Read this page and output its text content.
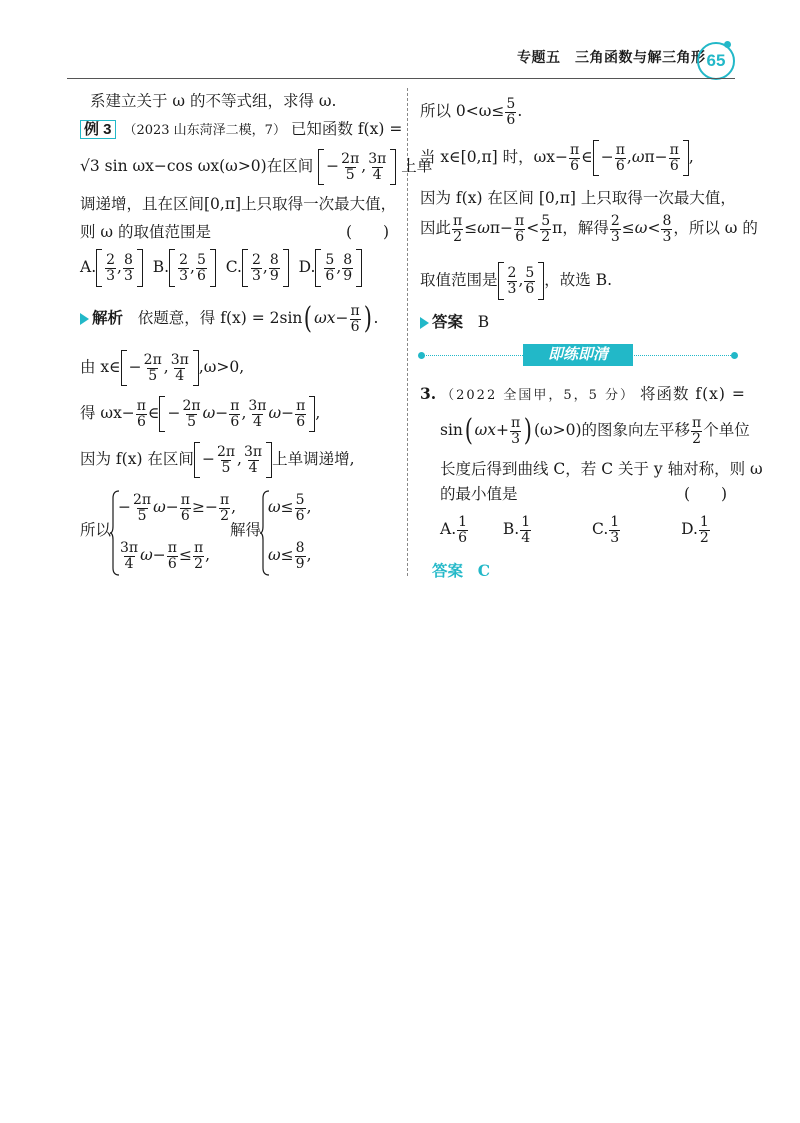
专题五　三角函数与解三角形 65
系建立关于 ω 的不等式组，求得 ω.
例 3 （2023 山东菏泽二模，7） 已知函数 f(x) =
√3 sin ωx−cos ωx(ω>0)在区间 − $\frac{2\pi}{5}$ , $\frac{3\pi}{4}$ 上单
调递增，且在区间[0,π]上只取得一次最大值，
则 ω 的取值范围是	(　　)
A. $\frac{2}{3}$ , $\frac{8}{3} B$. $\frac{2}{3}$ , $\frac{5}{6} C$. $\frac{2}{3}$ , $\frac{8}{9} D$. $\frac{5}{6}$ , $\frac{8}{9}$
解析 依题意，得 f(x) = 2sin( $\omega x- \frac{\pi}{6}$ ) .
由 x∈ − $\frac{2\pi}{5}$ , $\frac{3\pi}{4} ,\omega>0$,
得 $\omega x- \frac{\pi}{6}$ ∈ − $\frac{2\pi}{5} \omega- \frac{\pi}{6}$ , $\frac{3\pi}{4} \omega- \frac{\pi}{6}$ ,
因为 f(x) 在区间 − $\frac{2\pi}{5}$ , $\frac{3\pi}{4}$ 上单调递增,
所以
− $\frac{2\pi}{5} \omega- \frac{\pi}{6} \ge- \frac{\pi}{2}$ ,
$\frac{3\pi}{4} \omega- \frac{\pi}{6} \le \frac{\pi}{2}$ ,
解得
$\omega\le \frac{5}{6}$ ,
$\omega\le \frac{8}{9}$ ,
所以 $0<\omega\le \frac{5}{6}$ .
当 x∈[0,π] 时，$\omega x- \frac{\pi}{6}$ ∈ − $\frac{\pi}{6} ,\omega\pi- \frac{\pi}{6}$ ,
因为 f(x) 在区间 [0,π] 上只取得一次最大值，
因此 $\frac{\pi}{2} \le\omega\pi- \frac{\pi}{6} < \frac{5}{2}$ π，解得 $\frac{2}{3} \le\omega< \frac{8}{3}$ ，所以 ω 的
取值范围是 $\frac{2}{3}$ , $\frac{5}{6}$ ，故选 B.
答案 B
即练即清
3. （2022 全国甲，5，5 分） 将函数 f(x) =
sin( $\omega x+ \frac{\pi}{3}$ ) (ω>0)的图象向左平移 $\frac{\pi}{2}$ 个单位
长度后得到曲线 C，若 C 关于 y 轴对称，则 ω
的最小值是	(　　)
A. $\frac{1}{6} B$. $\frac{1}{4}$	C. $\frac{1}{3}$	D. $\frac{1}{2}$
答案 C
